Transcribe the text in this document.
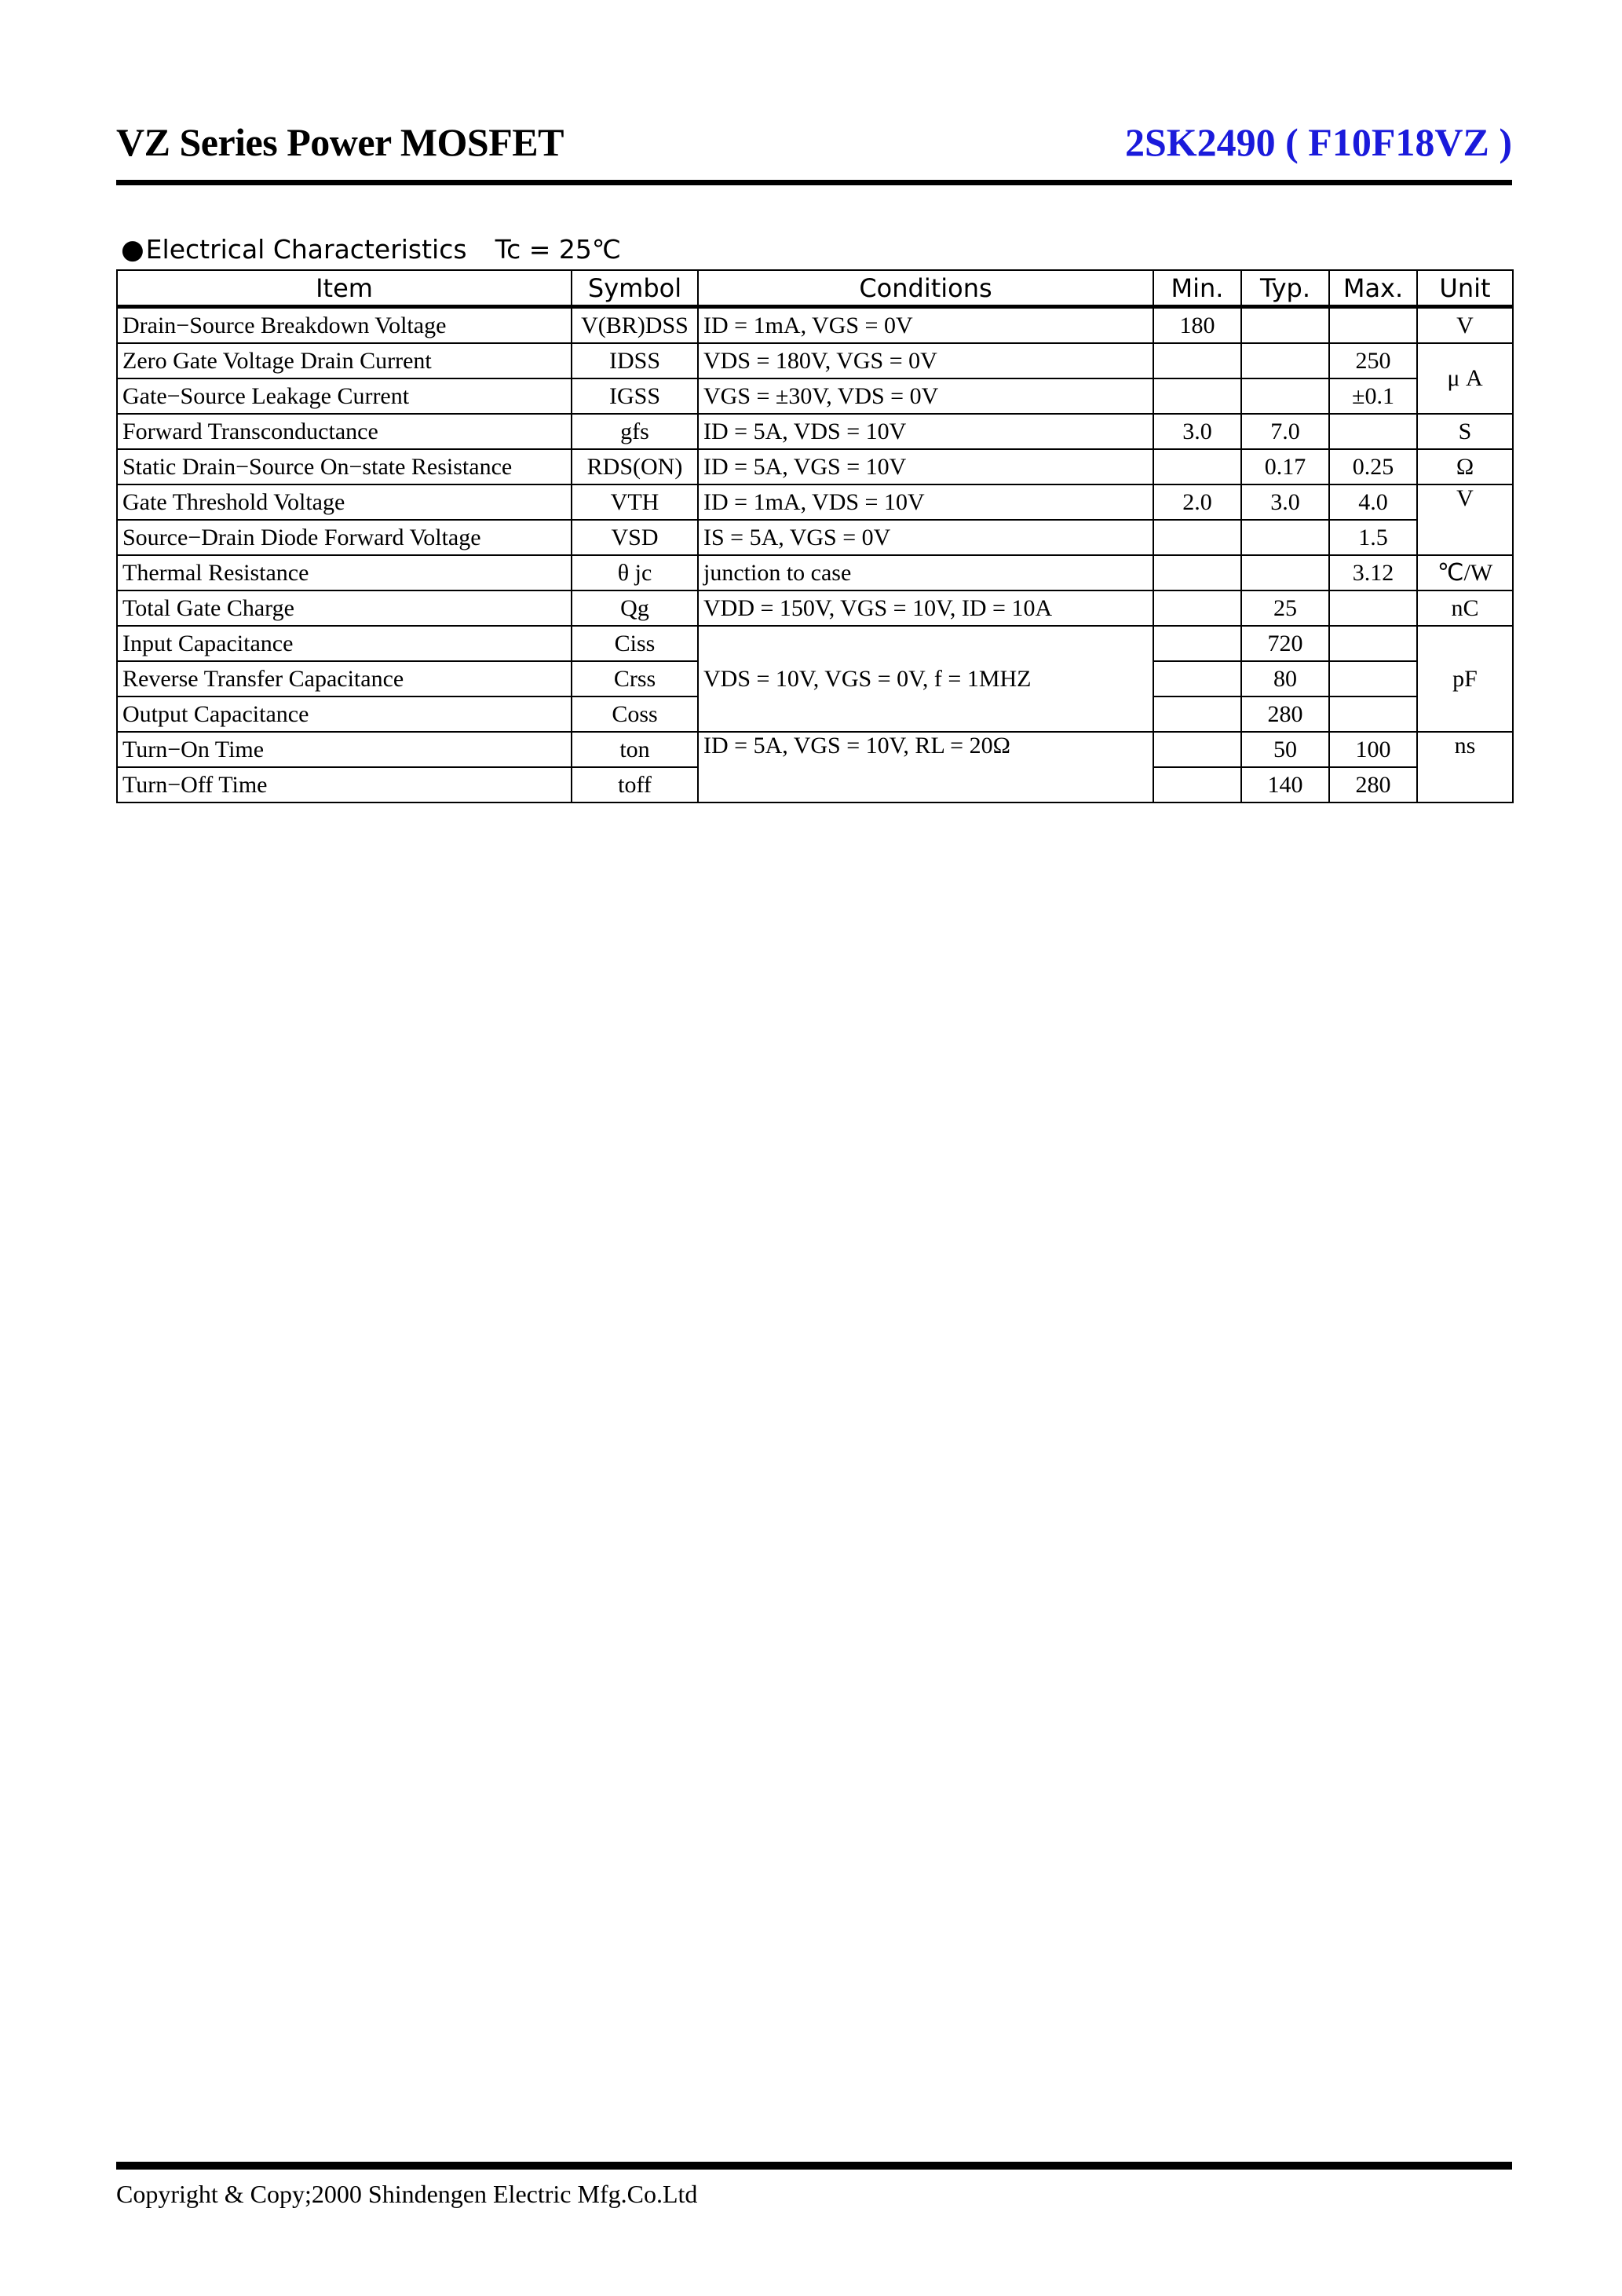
VZ Series Power MOSFET	2SK2490 ( F10F18VZ )
●Electrical Characteristics Tc = 25℃
Item	Symbol	Conditions	Min.	Typ.	Max.	Unit
Drain−Source Breakdown Voltage	V(BR)DSS	ID = 1mA, VGS = 0V	180			V
Zero Gate Voltage Drain Current	IDSS	VDS = 180V, VGS = 0V			250	μ A
Gate−Source Leakage Current	IGSS	VGS = ±30V, VDS = 0V			±0.1	
Forward Transconductance	gfs	ID = 5A, VDS = 10V	3.0	7.0		S
Static Drain−Source On−state Resistance	RDS(ON)	ID = 5A, VGS = 10V		0.17	0.25	Ω
Gate Threshold Voltage	VTH	ID = 1mA, VDS = 10V	2.0	3.0	4.0	V
Source−Drain Diode Forward Voltage	VSD	IS = 5A, VGS = 0V			1.5	
Thermal Resistance	θ jc	junction to case			3.12	℃/W
Total Gate Charge	Qg	VDD = 150V, VGS = 10V, ID = 10A		25		nC
Input Capacitance	Ciss	VDS = 10V, VGS = 0V, f = 1MHZ		720		pF
Reverse Transfer Capacitance	Crss			80		
Output Capacitance	Coss			280		
Turn−On Time	ton	ID = 5A, VGS = 10V, RL = 20Ω		50	100	ns
Turn−Off Time	toff			140	280	
Copyright & Copy;2000 Shindengen Electric Mfg.Co.Ltd
